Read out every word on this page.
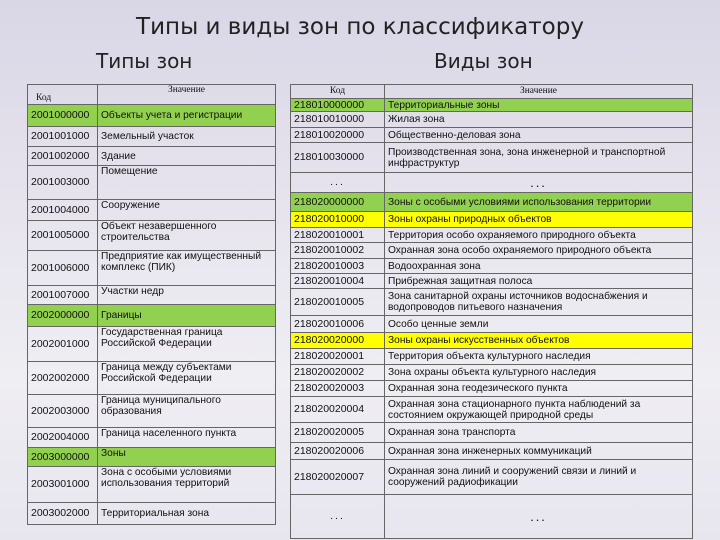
Типы и виды зон по классификатору
Типы зон	Виды зон
Код	Значение
2001000000	Объекты учета и регистрации
2001001000	Земельный участок
2001002000	Здание
2001003000	Помещение
2001004000	Сооружение
2001005000	Объект незавершенного строительства
2001006000	Предприятие как имущественный комплекс (ПИК)
2001007000	Участки недр
2002000000	Границы
2002001000	Государственная граница Российской Федерации
2002002000	Граница между субъектами Российской Федерации
2002003000	Граница муниципального образования
2002004000	Граница населенного пункта
2003000000	Зоны
2003001000	Зона с особыми условиями использования территорий
2003002000	Территориальная зона
Код	Значение
218010000000	Территориальные зоны
218010010000	Жилая зона
218010020000	Общественно-деловая зона
218010030000	Производственная зона, зона инженерной и транспортной инфраструктур
...	...
218020000000	Зоны с особыми условиями использования территории
218020010000	Зоны охраны природных объектов
218020010001	Территория особо охраняемого природного объекта
218020010002	Охранная зона особо охраняемого природного объекта
218020010003	Водоохранная зона
218020010004	Прибрежная защитная полоса
218020010005	Зона санитарной охраны источников водоснабжения и водопроводов питьевого назначения
218020010006	Особо ценные земли
218020020000	Зоны охраны искусственных объектов
218020020001	Территория объекта культурного наследия
218020020002	Зона охраны объекта культурного наследия
218020020003	Охранная зона геодезического пункта
218020020004	Охранная зона стационарного пункта наблюдений за состоянием окружающей природной среды
218020020005	Охранная зона транспорта
218020020006	Охранная зона инженерных коммуникаций
218020020007	Охранная зона линий и сооружений связи и линий и сооружений радиофикации
...	...
